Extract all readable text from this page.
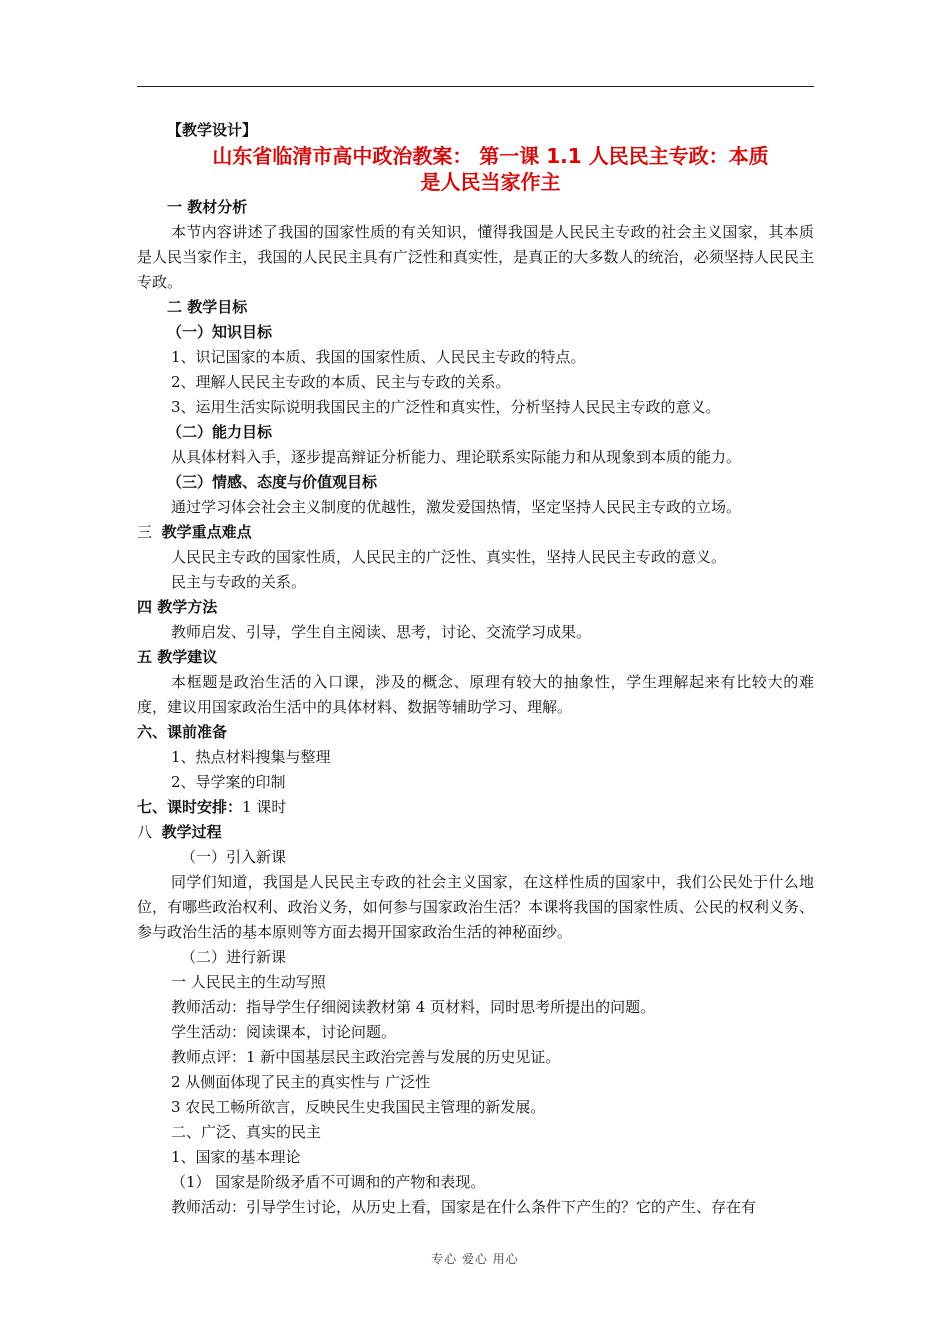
【教学设计】
山东省临清市高中政治教案： 第一课 1.1 人民民主专政：本质
是人民当家作主
一 教材分析

本节内容讲述了我国的国家性质的有关知识，懂得我国是人民民主专政的社会主义国家，其本质是人民当家作主，我国的人民民主具有广泛性和真实性，是真正的大多数人的统治，必须坚持人民民主专政。

二 教学目标
（一）知识目标
1、识记国家的本质、我国的国家性质、人民民主专政的特点。
2、理解人民民主专政的本质、民主与专政的关系。
3、运用生活实际说明我国民主的广泛性和真实性，分析坚持人民民主专政的意义。
（二）能力目标
从具体材料入手，逐步提高辩证分析能力、理论联系实际能力和从现象到本质的能力。
（三）情感、态度与价值观目标
通过学习体会社会主义制度的优越性，激发爱国热情，坚定坚持人民民主专政的立场。
三 教学重点难点
人民民主专政的国家性质，人民民主的广泛性、真实性，坚持人民民主专政的意义。
民主与专政的关系。
四 教学方法
教师启发、引导，学生自主阅读、思考，讨论、交流学习成果。
五 教学建议

本框题是政治生活的入口课，涉及的概念、原理有较大的抽象性，学生理解起来有比较大的难度，建议用国家政治生活中的具体材料、数据等辅助学习、理解。

六、课前准备
1、热点材料搜集与整理
2、导学案的印制
七、课时安排：1 课时
八 教学过程
（一）引入新课

同学们知道，我国是人民民主专政的社会主义国家，在这样性质的国家中，我们公民处于什么地位，有哪些政治权利、政治义务，如何参与国家政治生活？本课将我国的国家性质、公民的权利义务、参与政治生活的基本原则等方面去揭开国家政治生活的神秘面纱。

（二）进行新课
一 人民民主的生动写照
教师活动：指导学生仔细阅读教材第 4 页材料，同时思考所提出的问题。
学生活动：阅读课本，讨论问题。
教师点评：1 新中国基层民主政治完善与发展的历史见证。
2 从侧面体现了民主的真实性与 广泛性
3 农民工畅所欲言，反映民生史我国民主管理的新发展。
二、广泛、真实的民主
1、国家的基本理论
（1） 国家是阶级矛盾不可调和的产物和表现。
教师活动：引导学生讨论，从历史上看，国家是在什么条件下产生的？它的产生、存在有
专心 爱心 用心
